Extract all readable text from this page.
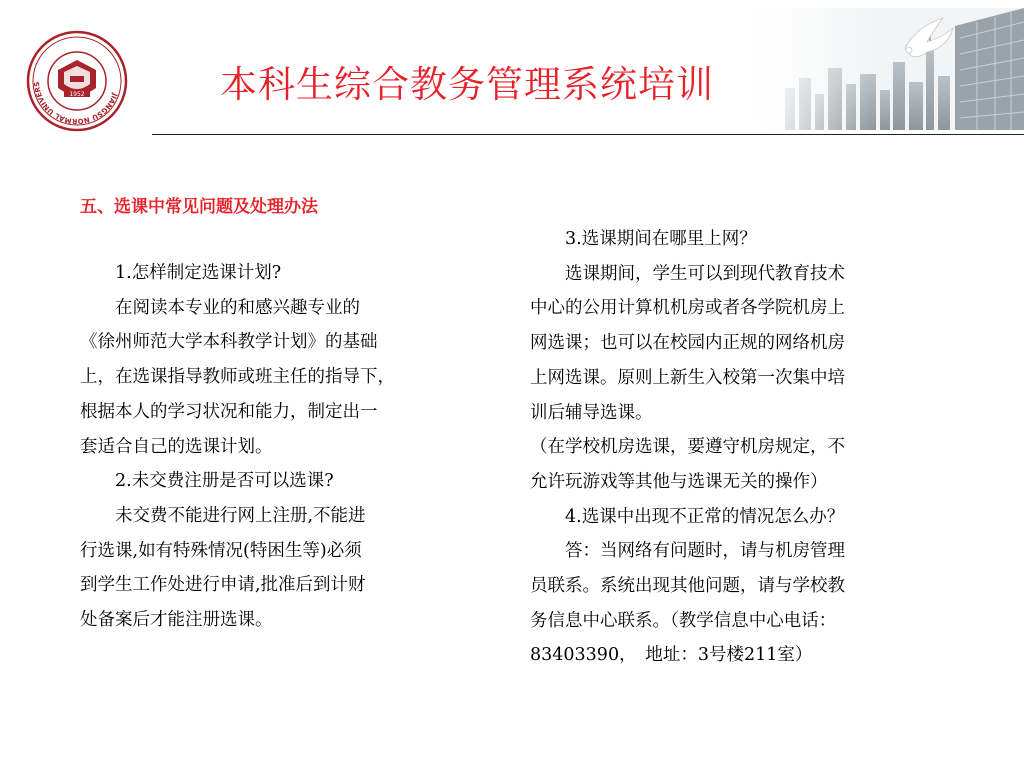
JIANGSU NORMAL UNIVERS
1952	本科生综合教务管理系统培训
五、选课中常见问题及处理办法
　　1.怎样制定选课计划?
　　在阅读本专业的和感兴趣专业的
《徐州师范大学本科教学计划》的基础
上，在选课指导教师或班主任的指导下，
根据本人的学习状况和能力，制定出一
套适合自己的选课计划。
　　2.未交费注册是否可以选课?
　　未交费不能进行网上注册,不能进
行选课,如有特殊情况(特困生等)必须
到学生工作处进行申请,批准后到计财
处备案后才能注册选课。
　　3.选课期间在哪里上网？
　　选课期间，学生可以到现代教育技术
中心的公用计算机机房或者各学院机房上
网选课；也可以在校园内正规的网络机房
上网选课。原则上新生入校第一次集中培
训后辅导选课。
（在学校机房选课，要遵守机房规定，不
允许玩游戏等其他与选课无关的操作）
　　4.选课中出现不正常的情况怎么办？
　　答：当网络有问题时，请与机房管理
员联系。系统出现其他问题，请与学校教
务信息中心联系。（教学信息中心电话：
83403390，　地址：3号楼211室）
